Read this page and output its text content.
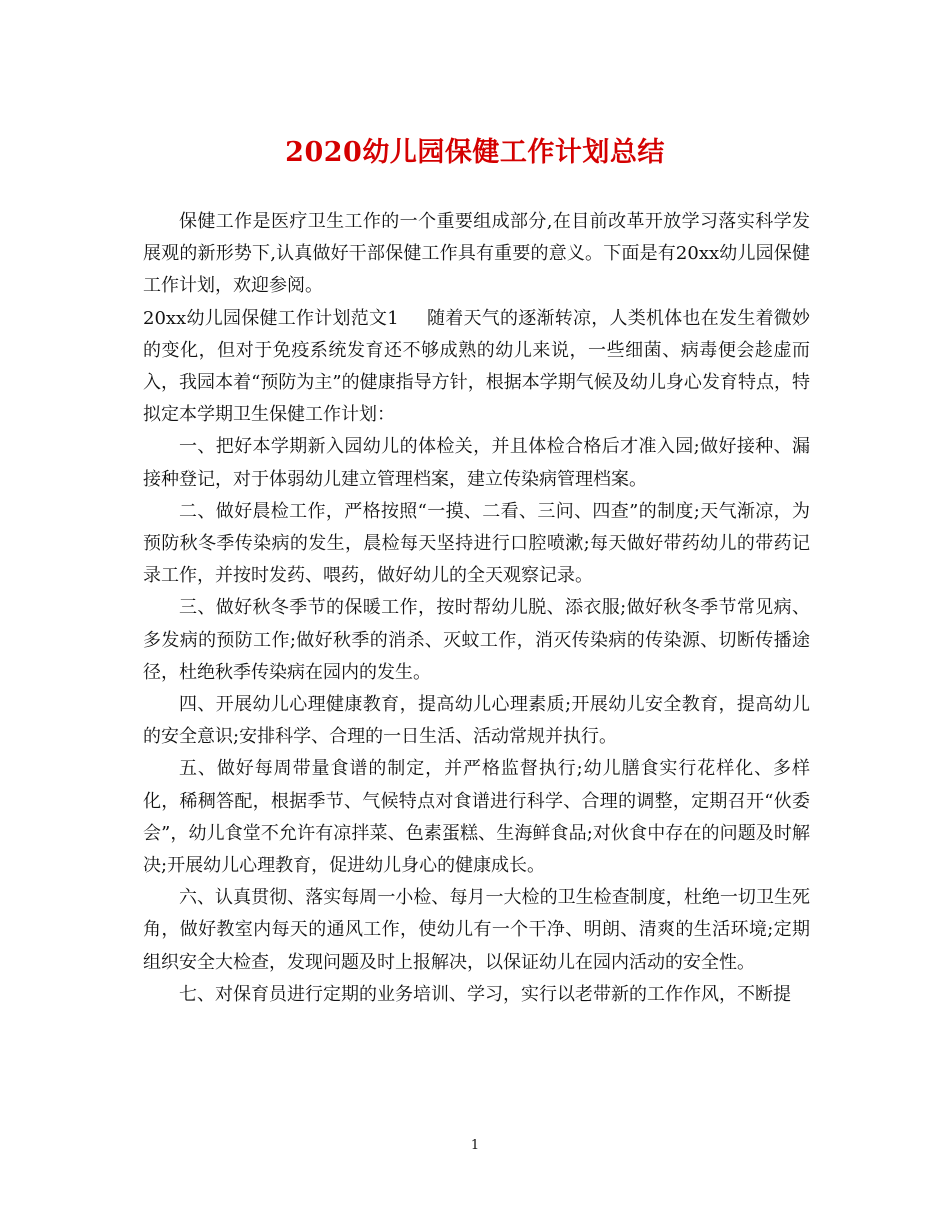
2020幼儿园保健工作计划总结

保健工作是医疗卫生工作的一个重要组成部分,在目前改革开放学习落实科学发展观的新形势下,认真做好干部保健工作具有重要的意义。下面是有20xx幼儿园保健工作计划，欢迎参阅。

20xx幼儿园保健工作计划范文1 随着天气的逐渐转凉，人类机体也在发生着微妙的变化，但对于免疫系统发育还不够成熟的幼儿来说，一些细菌、病毒便会趁虚而入，我园本着“预防为主”的健康指导方针，根据本学期气候及幼儿身心发育特点，特拟定本学期卫生保健工作计划：

一、把好本学期新入园幼儿的体检关，并且体检合格后才准入园;做好接种、漏接种登记，对于体弱幼儿建立管理档案，建立传染病管理档案。

二、做好晨检工作，严格按照“一摸、二看、三问、四查”的制度;天气渐凉，为预防秋冬季传染病的发生，晨检每天坚持进行口腔喷漱;每天做好带药幼儿的带药记录工作，并按时发药、喂药，做好幼儿的全天观察记录。

三、做好秋冬季节的保暖工作，按时帮幼儿脱、添衣服;做好秋冬季节常见病、多发病的预防工作;做好秋季的消杀、灭蚊工作，消灭传染病的传染源、切断传播途径，杜绝秋季传染病在园内的发生。

四、开展幼儿心理健康教育，提高幼儿心理素质;开展幼儿安全教育，提高幼儿的安全意识;安排科学、合理的一日生活、活动常规并执行。

五、做好每周带量食谱的制定，并严格监督执行;幼儿膳食实行花样化、多样化，稀稠答配，根据季节、气候特点对食谱进行科学、合理的调整，定期召开“伙委会”，幼儿食堂不允许有凉拌菜、色素蛋糕、生海鲜食品;对伙食中存在的问题及时解决;开展幼儿心理教育，促进幼儿身心的健康成长。

六、认真贯彻、落实每周一小检、每月一大检的卫生检查制度，杜绝一切卫生死角，做好教室内每天的通风工作，使幼儿有一个干净、明朗、清爽的生活环境;定期组织安全大检查，发现问题及时上报解决，以保证幼儿在园内活动的安全性。

七、对保育员进行定期的业务培训、学习，实行以老带新的工作作风，不断提

1
